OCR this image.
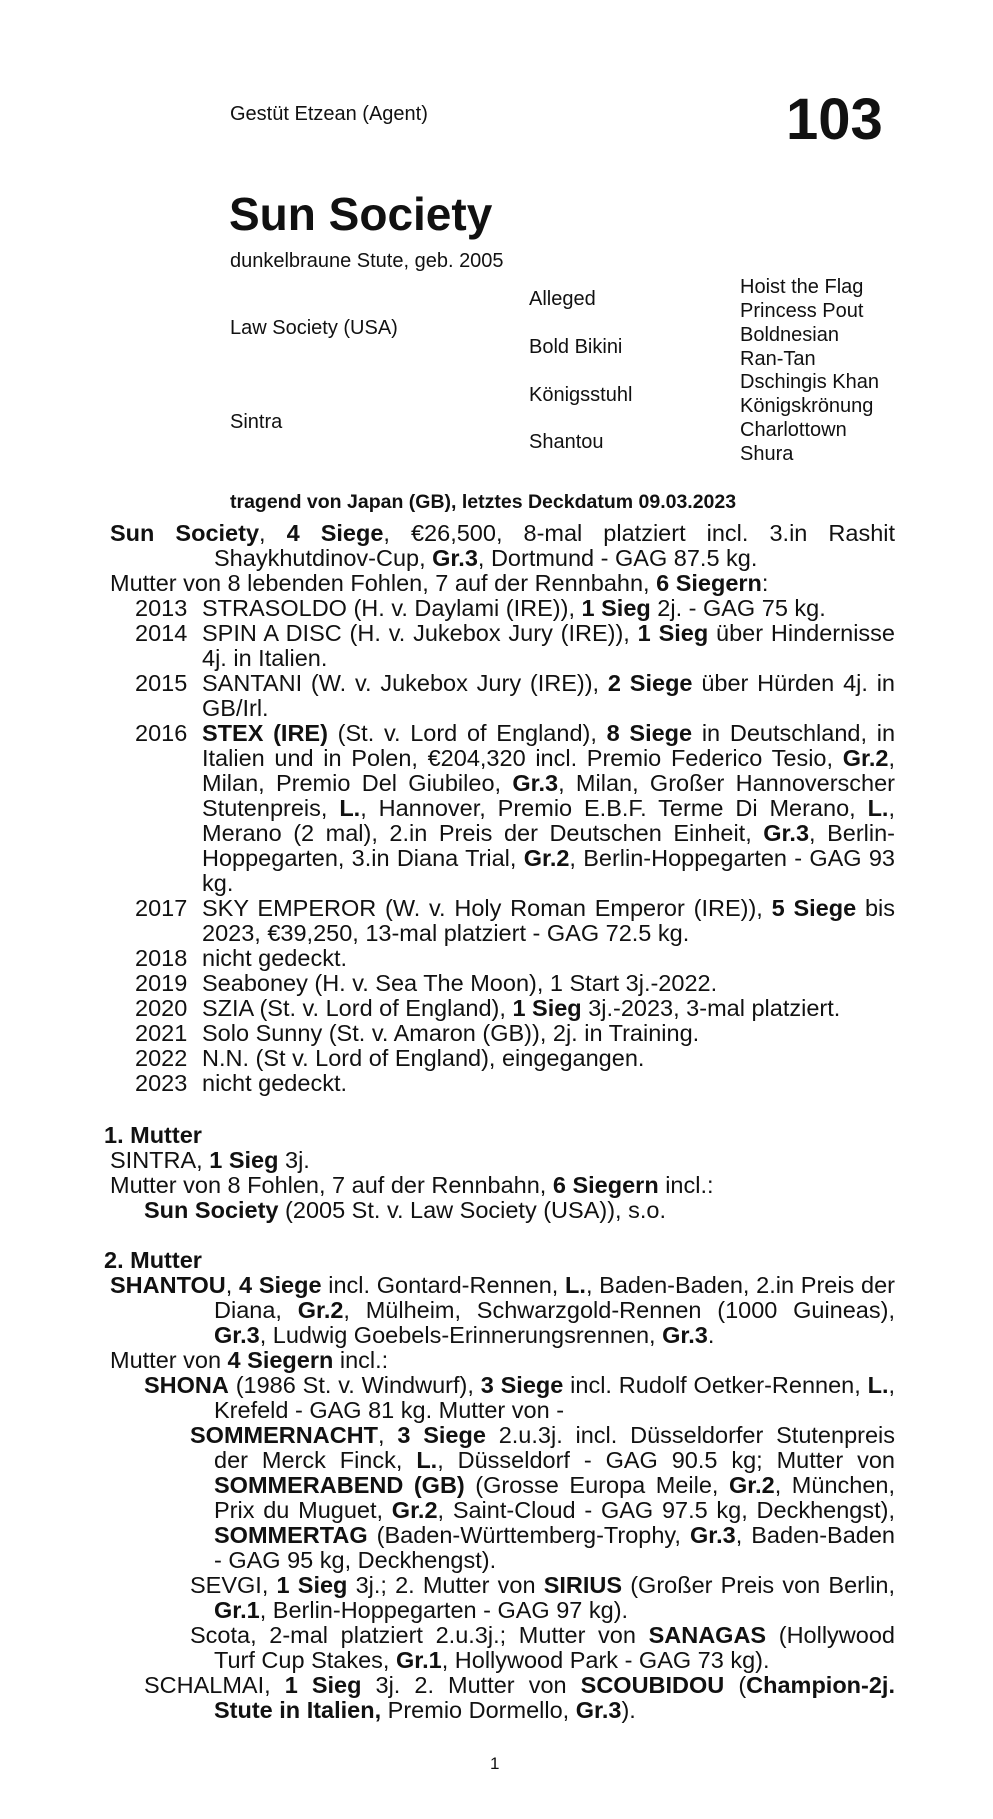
Gestüt Etzean (Agent)	103
Sun Society
dunkelbraune Stute, geb. 2005
Law Society (USA)
Sintra
Alleged
Bold Bikini
Königsstuhl
Shantou
Hoist the Flag
Princess Pout
Boldnesian
Ran-Tan
Dschingis Khan
Königskrönung
Charlottown
Shura
tragend von Japan (GB), letztes Deckdatum 09.03.2023
Sun Society, 4 Siege, €26,500, 8-mal platziert incl. 3.in Rashit Shaykhutdinov-Cup, Gr.3, Dortmund - GAG 87.5 kg.
Mutter von 8 lebenden Fohlen, 7 auf der Rennbahn, 6 Siegern:
2013 STRASOLDO (H. v. Daylami (IRE)), 1 Sieg 2j. - GAG 75 kg.
2014 SPIN A DISC (H. v. Jukebox Jury (IRE)), 1 Sieg über Hindernisse 4j. in Italien.
2015 SANTANI (W. v. Jukebox Jury (IRE)), 2 Siege über Hürden 4j. in GB/Irl.
2016 STEX (IRE) (St. v. Lord of England), 8 Siege in Deutschland, in Italien und in Polen, €204,320 incl. Premio Federico Tesio, Gr.2, Milan, Premio Del Giubileo, Gr.3, Milan, Großer Hannoverscher Stutenpreis, L., Hannover, Premio E.B.F. Terme Di Merano, L., Merano (2 mal), 2.in Preis der Deutschen Einheit, Gr.3, Berlin-Hoppegarten, 3.in Diana Trial, Gr.2, Berlin-Hoppegarten - GAG 93 kg.
2017 SKY EMPEROR (W. v. Holy Roman Emperor (IRE)), 5 Siege bis 2023, €39,250, 13-mal platziert - GAG 72.5 kg.
2018 nicht gedeckt.
2019 Seaboney (H. v. Sea The Moon), 1 Start 3j.-2022.
2020 SZIA (St. v. Lord of England), 1 Sieg 3j.-2023, 3-mal platziert.
2021 Solo Sunny (St. v. Amaron (GB)), 2j. in Training.
2022 N.N. (St v. Lord of England), eingegangen.
2023 nicht gedeckt.
1. Mutter
SINTRA, 1 Sieg 3j.
Mutter von 8 Fohlen, 7 auf der Rennbahn, 6 Siegern incl.:
Sun Society (2005 St. v. Law Society (USA)), s.o.
2. Mutter
SHANTOU, 4 Siege incl. Gontard-Rennen, L., Baden-Baden, 2.in Preis der Diana, Gr.2, Mülheim, Schwarzgold-Rennen (1000 Guineas), Gr.3, Ludwig Goebels-Erinnerungsrennen, Gr.3.
Mutter von 4 Siegern incl.:
SHONA (1986 St. v. Windwurf), 3 Siege incl. Rudolf Oetker-Rennen, L., Krefeld - GAG 81 kg. Mutter von -
SOMMERNACHT, 3 Siege 2.u.3j. incl. Düsseldorfer Stutenpreis der Merck Finck, L., Düsseldorf - GAG 90.5 kg; Mutter von SOMMERABEND (GB) (Grosse Europa Meile, Gr.2, München, Prix du Muguet, Gr.2, Saint-Cloud - GAG 97.5 kg, Deckhengst), SOMMERTAG (Baden-Württemberg-Trophy, Gr.3, Baden-Baden - GAG 95 kg, Deckhengst).
SEVGI, 1 Sieg 3j.; 2. Mutter von SIRIUS (Großer Preis von Berlin, Gr.1, Berlin-Hoppegarten - GAG 97 kg).
Scota, 2-mal platziert 2.u.3j.; Mutter von SANAGAS (Hollywood Turf Cup Stakes, Gr.1, Hollywood Park - GAG 73 kg).
SCHALMAI, 1 Sieg 3j. 2. Mutter von SCOUBIDOU (Champion-2j. Stute in Italien, Premio Dormello, Gr.3).
1
